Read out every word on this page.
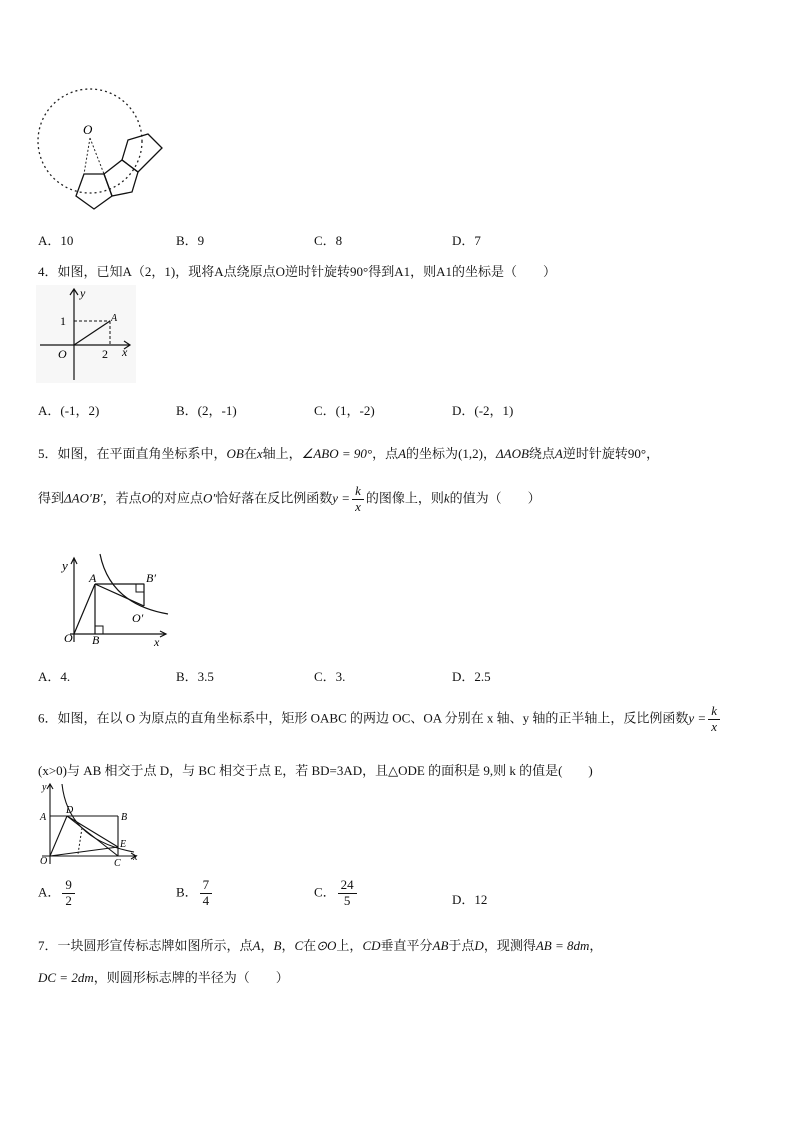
O
A．10	B．9	C．8	D．7
4．如图，已知A（2，1)，现将A点绕原点O逆时针旋转90°得到A1，则A1的坐标是（　　）
y
x
1
2
O
A
A．(-1，2)	B．(2，-1)	C．(1，-2)	D．(-2，1)
5．如图，在平面直角坐标系中，OB在x轴上，∠ABO = 90°，点A的坐标为(1,2)，ΔAOB绕点A逆时针旋转90°，
得到ΔAO′B′，若点O的对应点O′恰好落在反比例函数$y = \frac{k}{x}$ 的图像上，则k的值为（　　）
y
A	B′
O′
O B	x
A．4.	B．3.5	C．3.	D．2.5
6．如图，在以 O 为原点的直角坐标系中，矩形 OABC 的两边 OC、OA 分别在 x 轴、y 轴的正半轴上，反比例函数$y = \frac{k}{x}$
(x>0)与 AB 相交于点 D，与 BC 相交于点 E，若 BD=3AD，且△ODE 的面积是 9,则 k 的值是(　　)
y
A
D
B
E
O	C
x
A． $\frac{9}{2}$	B． $\frac{7}{4}$	C． $\frac{24}{5}$	D．12
7．一块圆形宣传标志牌如图所示，点A，B，C在⊙O上，CD垂直平分AB于点D，现测得AB = 8dm，
DC = 2dm，则圆形标志牌的半径为（　　）
